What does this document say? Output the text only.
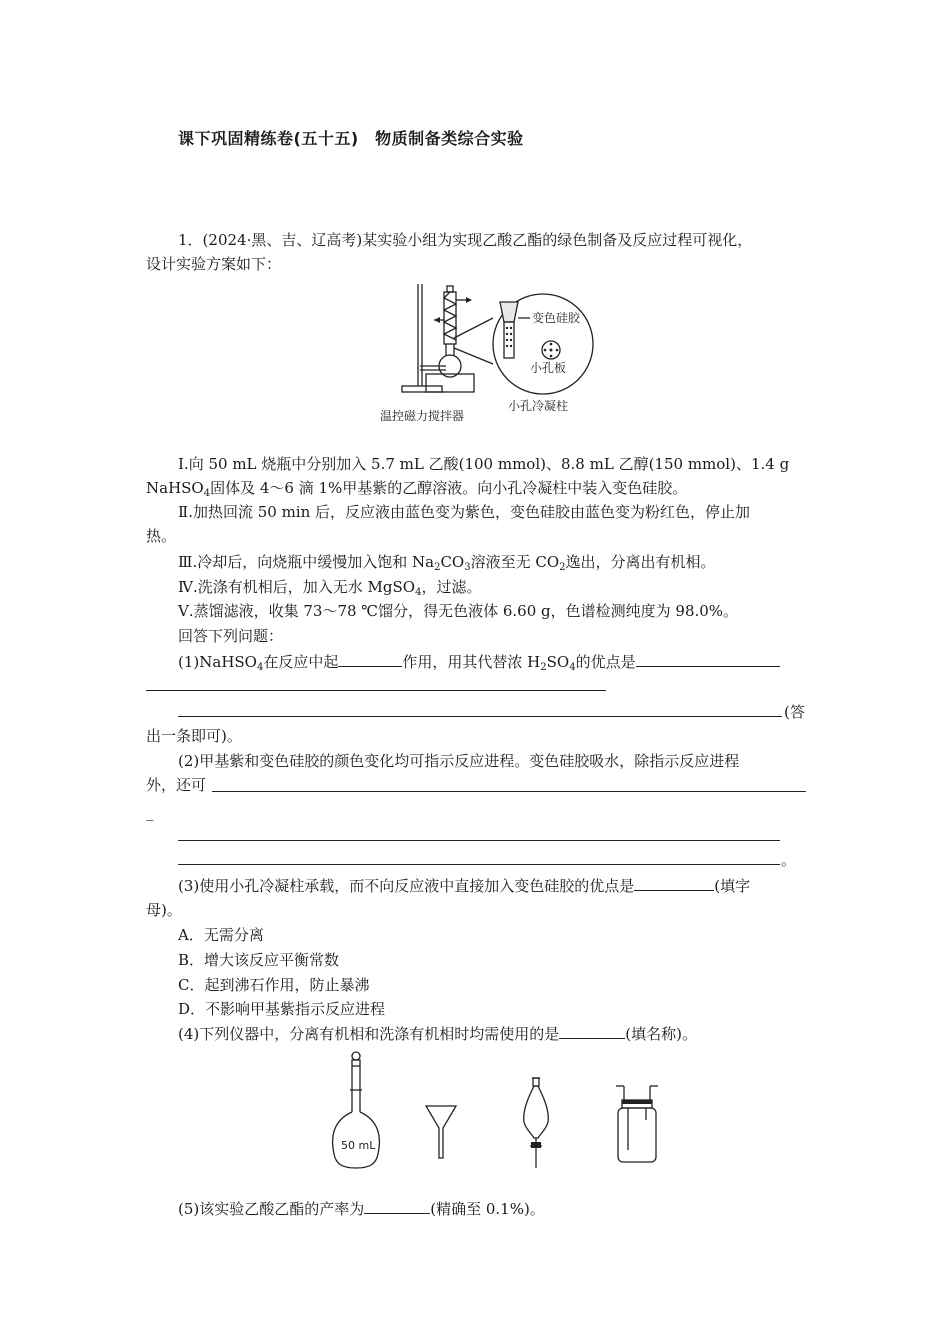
课下巩固精练卷(五十五)　物质制备类综合实验
1．(2024·黑、吉、辽高考)某实验小组为实现乙酸乙酯的绿色制备及反应过程可视化，
设计实验方案如下：
变色硅胶
小孔板
温控磁力搅拌器
小孔冷凝柱
Ⅰ.向 50 mL 烧瓶中分别加入 5.7 mL 乙酸(100 mmol)、8.8 mL 乙醇(150 mmol)、1.4 g
NaHSO$_4$固体及 4～6 滴 1%甲基紫的乙醇溶液。向小孔冷凝柱中装入变色硅胶。
Ⅱ.加热回流 50 min 后，反应液由蓝色变为紫色，变色硅胶由蓝色变为粉红色，停止加
热。
Ⅲ.冷却后，向烧瓶中缓慢加入饱和 $Na_2CO_3$溶液至无 $CO_2$逸出，分离出有机相。
Ⅳ.洗涤有机相后，加入无水 MgSO$_4$，过滤。
Ⅴ.蒸馏滤液，收集 73～78 ℃馏分，得无色液体 6.60 g，色谱检测纯度为 98.0%。
回答下列问题：
(1)NaHSO$_4$在反应中起	作用，用其代替浓 $H_2SO_4$的优点是
(答
出一条即可)。
(2)甲基紫和变色硅胶的颜色变化均可指示反应进程。变色硅胶吸水，除指示反应进程
外，还可
_
。
(3)使用小孔冷凝柱承载，而不向反应液中直接加入变色硅胶的优点是	(填字
母)。
A．无需分离
B．增大该反应平衡常数
C．起到沸石作用，防止暴沸
D．不影响甲基紫指示反应进程
(4)下列仪器中，分离有机相和洗涤有机相时均需使用的是	(填名称)。
50 mL
(5)该实验乙酸乙酯的产率为	(精确至 0.1%)。
